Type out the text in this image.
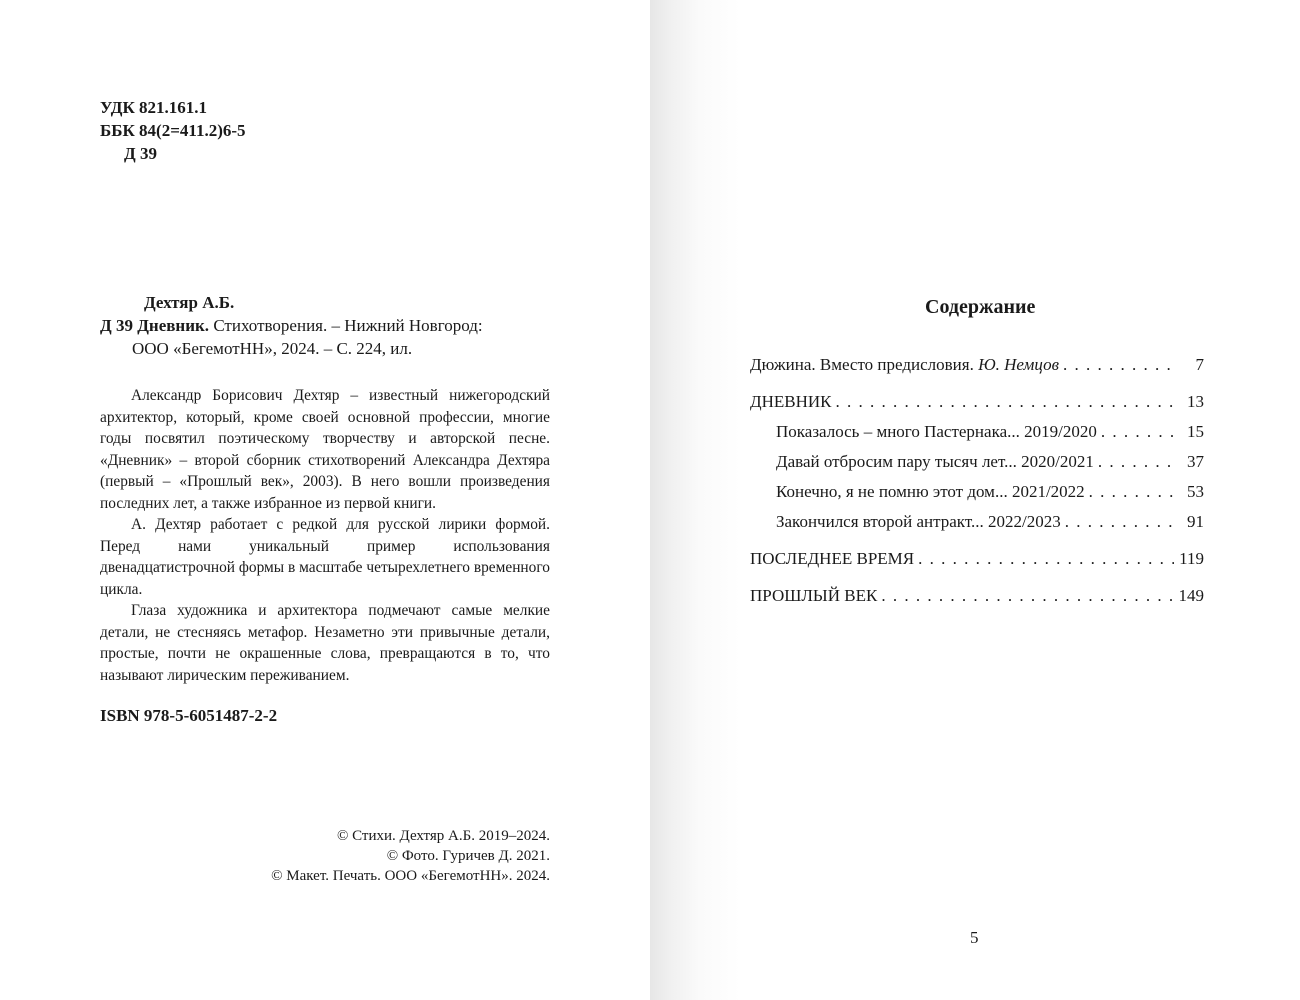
УДК 821.161.1
ББК 84(2=411.2)6-5
Д 39
Дехтяр А.Б.
Д 39 Дневник. Стихотворения. – Нижний Новгород:
ООО «БегемотНН», 2024. – С. 224, ил.

Александр Борисович Дехтяр – известный нижегородский архитектор, который, кроме своей основной профессии, многие годы посвятил поэтическому творчеству и авторской песне. «Дневник» – второй сборник стихотворений Александра Дехтяра (первый – «Прошлый век», 2003). В него вошли произведения последних лет, а также избранное из первой книги.

А. Дехтяр работает с редкой для русской лирики формой. Перед нами уникальный пример использования двенадцатистрочной формы в масштабе четырехлетнего временного цикла.

Глаза художника и архитектора подмечают самые мелкие детали, не стесняясь метафор. Незаметно эти привычные детали, простые, почти не окрашенные слова, превращаются в то, что называют лирическим переживанием.

ISBN 978-5-6051487-2-2
© Стихи. Дехтяр А.Б. 2019–2024.
© Фото. Гуричев Д. 2021.
© Макет. Печать. ООО «БегемотНН». 2024.
Содержание
Дюжина. Вместо предисловия. Ю. Немцов . . .	7
ДНЕВНИК . . .	13
Показалось – много Пастернака... 2019/2020 . . .	15
Давай отбросим пару тысяч лет... 2020/2021 . . .	37
Конечно, я не помню этот дом... 2021/2022 . . .	53
Закончился второй антракт... 2022/2023 . . .	91
ПОСЛЕДНЕЕ ВРЕМЯ . . .	119
ПРОШЛЫЙ ВЕК . . .	149
5
